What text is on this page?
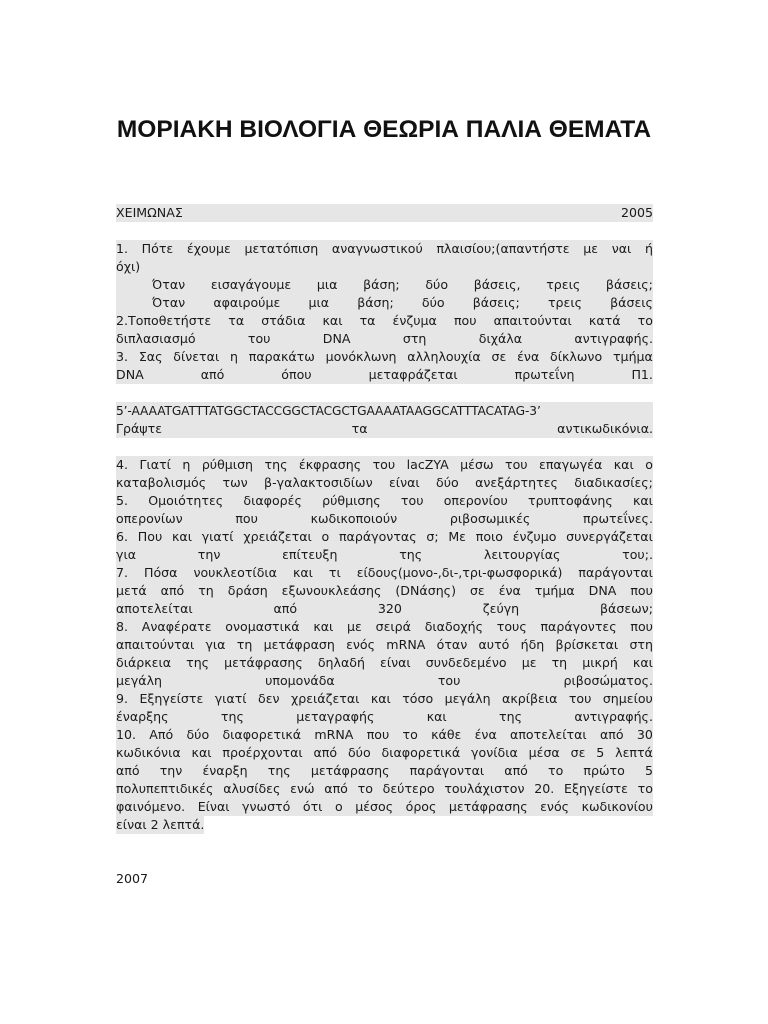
ΜΟΡΙΑΚΗ ΒΙΟΛΟΓΙΑ ΘΕΩΡΙΑ ΠΑΛΙΑ ΘΕΜΑΤΑ
ΧΕΙΜΩΝΑΣ	2005
1. Πότε έχουμε μετατόπιση αναγνωστικού πλαισίου;(απαντήστε με ναι ή
όχι)
Όταν εισαγάγουμε μια βάση; δύο βάσεις, τρεις βάσεις;
Όταν αφαιρούμε μια βάση; δύο βάσεις; τρεις βάσεις
2.Τοποθετήστε τα στάδια και τα ένζυμα που απαιτούνται κατά το
διπλασιασμό	του	DNA	στη	διχάλα	αντιγραφής.
3. Σας δίνεται η παρακάτω μονόκλωνη αλληλουχία σε ένα δίκλωνο τμήμα
DNA	από	όπου	μεταφράζεται	πρωτεΐνη	Π1.
5’-AAAATGATTTATGGCTACCGGCTACGCTGAAAATAAGGCATTTACATAG-3’
Γράψτε	τα	αντικωδικόνια.
4. Γιατί η ρύθμιση της έκφρασης του lacZYA μέσω του επαγωγέα και ο
καταβολισμός των β-γαλακτοσιδίων είναι δύο ανεξάρτητες διαδικασίες;
5. Ομοιότητες διαφορές ρύθμισης του οπερονίου τρυπτοφάνης και
οπερονίων	που	κωδικοποιούν	ριβοσωμικές	πρωτεΐνες.
6. Που και γιατί χρειάζεται ο παράγοντας σ; Με ποιο ένζυμο συνεργάζεται
για	την	επίτευξη	της	λειτουργίας	του;.
7. Πόσα νουκλεοτίδια και τι είδους(μονο-,δι-,τρι-φωσφορικά) παράγονται
μετά από τη δράση εξωνουκλεάσης (DNάσης) σε ένα τμήμα DNA που
αποτελείται	από	320	ζεύγη	βάσεων;
8. Αναφέρατε ονομαστικά και με σειρά διαδοχής τους παράγοντες που
απαιτούνται για τη μετάφραση ενός mRNA όταν αυτό ήδη βρίσκεται στη
διάρκεια της μετάφρασης δηλαδή είναι συνδεδεμένο με τη μικρή και
μεγάλη	υπομονάδα	του	ριβοσώματος.
9. Εξηγείστε γιατί δεν χρειάζεται και τόσο μεγάλη ακρίβεια του σημείου
έναρξης	της	μεταγραφής	και	της	αντιγραφής.
10. Από δύο διαφορετικά mRNA που το κάθε ένα αποτελείται από 30
κωδικόνια και προέρχονται από δύο διαφορετικά γονίδια μέσα σε 5 λεπτά
από την έναρξη της μετάφρασης παράγονται από το πρώτο 5
πολυπεπτιδικές αλυσίδες ενώ από το δεύτερο τουλάχιστον 20. Εξηγείστε το
φαινόμενο. Είναι γνωστό ότι ο μέσος όρος μετάφρασης ενός κωδικονίου
είναι 2 λεπτά.
2007
